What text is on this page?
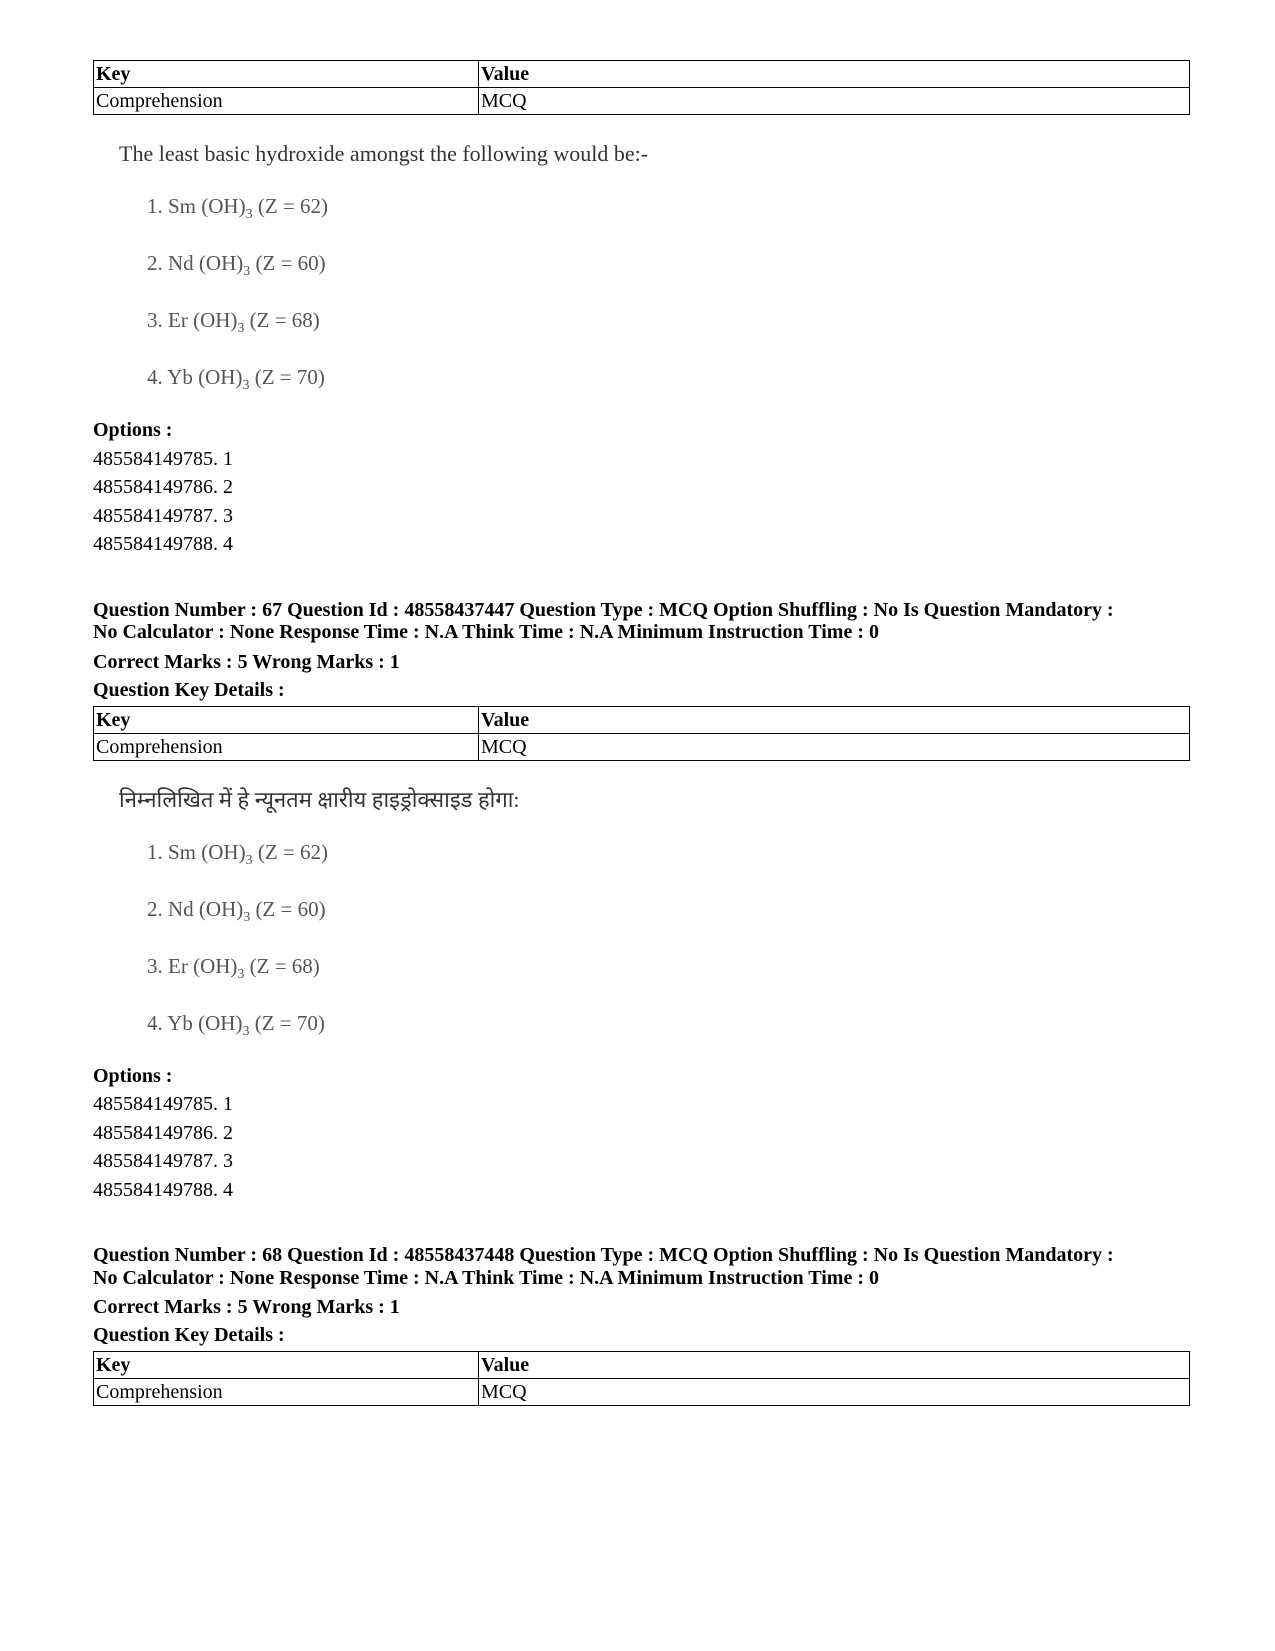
Key	Value
Comprehension	MCQ
The least basic hydroxide amongst the following would be:-
1. Sm $(OH)_3$ (Z = 62)
2. Nd $(OH)_3$ (Z = 60)
3. Er $(OH)_3$ (Z = 68)
4. Yb $(OH)_3$ (Z = 70)
Options :
485584149785. 1
485584149786. 2
485584149787. 3
485584149788. 4
Question Number : 67 Question Id : 48558437447 Question Type : MCQ Option Shuffling : No Is Question Mandatory :
No Calculator : None Response Time : N.A Think Time : N.A Minimum Instruction Time : 0
Correct Marks : 5 Wrong Marks : 1
Question Key Details :
Key	Value
Comprehension	MCQ
निम्नलिखित में हे न्यूनतम क्षारीय हाइड्रोक्साइड होगा:
1. Sm $(OH)_3$ (Z = 62)
2. Nd $(OH)_3$ (Z = 60)
3. Er $(OH)_3$ (Z = 68)
4. Yb $(OH)_3$ (Z = 70)
Options :
485584149785. 1
485584149786. 2
485584149787. 3
485584149788. 4
Question Number : 68 Question Id : 48558437448 Question Type : MCQ Option Shuffling : No Is Question Mandatory :
No Calculator : None Response Time : N.A Think Time : N.A Minimum Instruction Time : 0
Correct Marks : 5 Wrong Marks : 1
Question Key Details :
Key	Value
Comprehension	MCQ
